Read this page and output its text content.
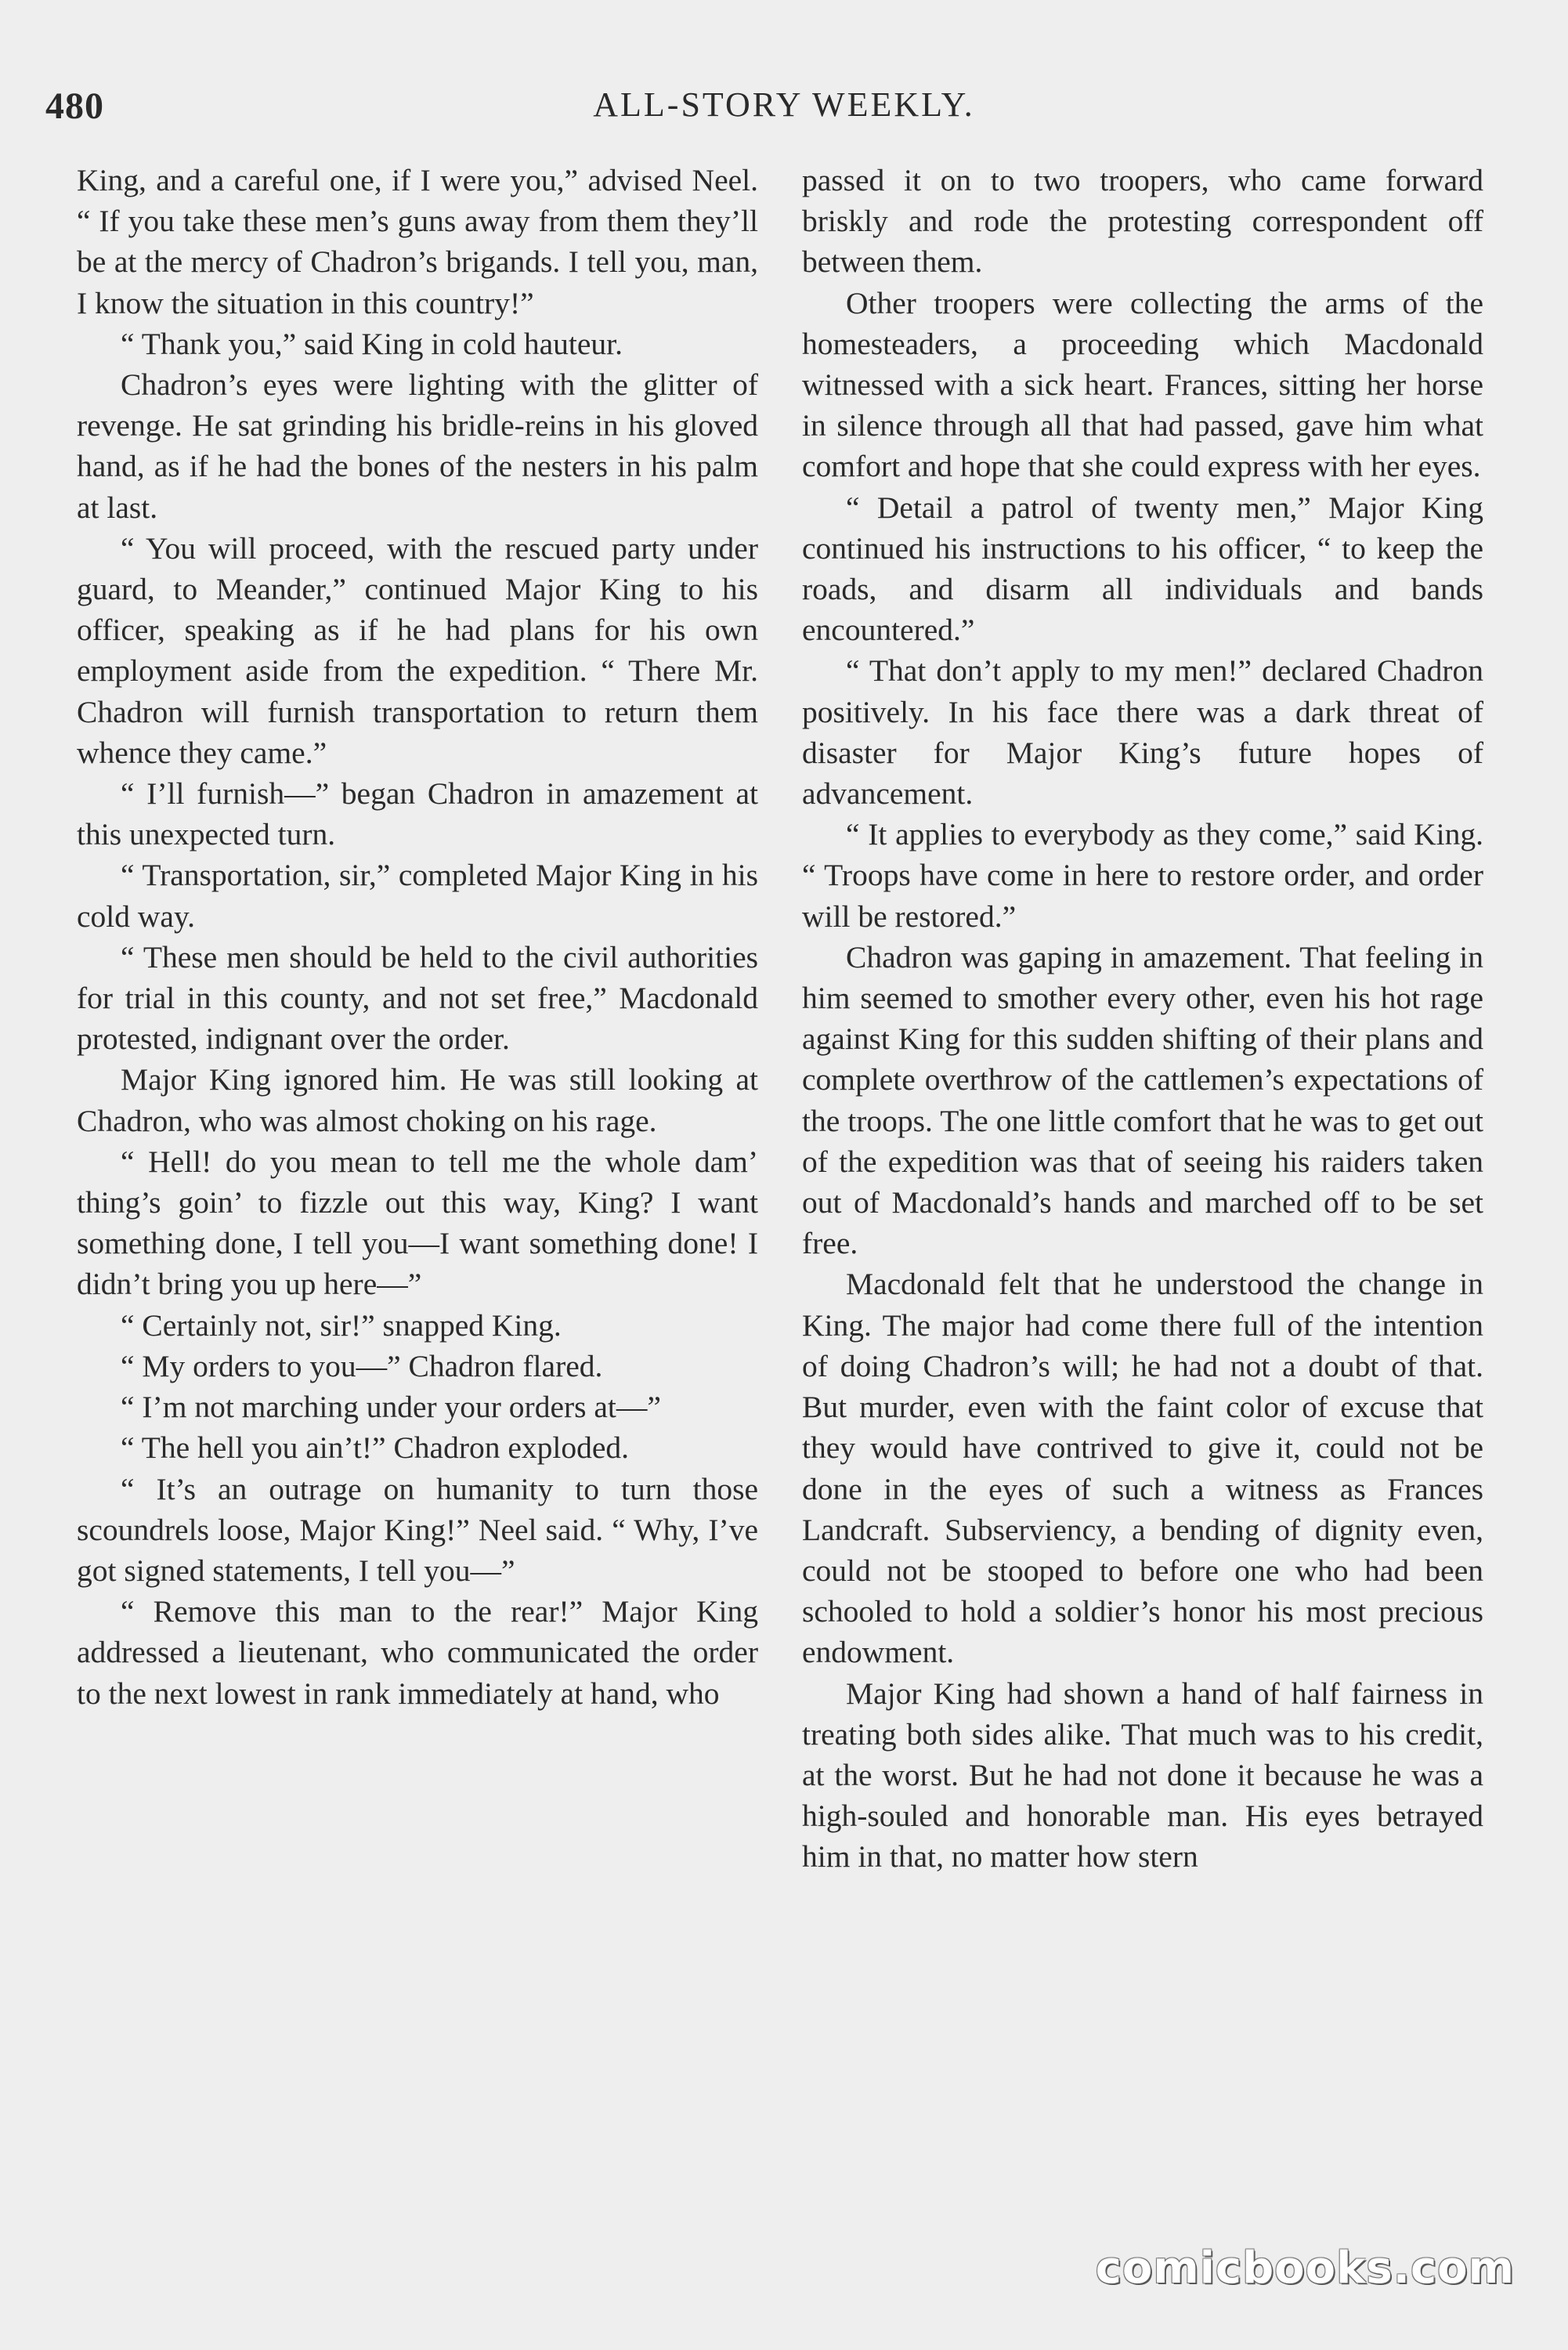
480	ALL-STORY WEEKLY.

King, and a careful one, if I were you,” advised Neel. “ If you take these men’s guns away from them they’ll be at the mercy of Chadron’s brigands. I tell you, man, I know the situation in this country!”

“ Thank you,” said King in cold hauteur.

Chadron’s eyes were lighting with the glitter of revenge. He sat grinding his bridle-reins in his gloved hand, as if he had the bones of the nesters in his palm at last.

“ You will proceed, with the rescued party under guard, to Meander,” continued Major King to his officer, speaking as if he had plans for his own employment aside from the expedition. “ There Mr. Chadron will furnish transportation to return them whence they came.”

“ I’ll furnish—” began Chadron in amazement at this unexpected turn.

“ Transportation, sir,” completed Major King in his cold way.

“ These men should be held to the civil authorities for trial in this county, and not set free,” Macdonald protested, indignant over the order.

Major King ignored him. He was still looking at Chadron, who was almost choking on his rage.

“ Hell! do you mean to tell me the whole dam’ thing’s goin’ to fizzle out this way, King? I want something done, I tell you—I want something done! I didn’t bring you up here—”

“ Certainly not, sir!” snapped King.

“ My orders to you—” Chadron flared.

“ I’m not marching under your orders at—”

“ The hell you ain’t!” Chadron exploded.

“ It’s an outrage on humanity to turn those scoundrels loose, Major King!” Neel said. “ Why, I’ve got signed statements, I tell you—”

“ Remove this man to the rear!” Major King addressed a lieutenant, who communicated the order to the next lowest in rank immediately at hand, who

passed it on to two troopers, who came forward briskly and rode the protesting correspondent off between them.

Other troopers were collecting the arms of the homesteaders, a proceeding which Macdonald witnessed with a sick heart. Frances, sitting her horse in silence through all that had passed, gave him what comfort and hope that she could express with her eyes.

“ Detail a patrol of twenty men,” Major King continued his instructions to his officer, “ to keep the roads, and disarm all individuals and bands encountered.”

“ That don’t apply to my men!” declared Chadron positively. In his face there was a dark threat of disaster for Major King’s future hopes of advancement.

“ It applies to everybody as they come,” said King. “ Troops have come in here to restore order, and order will be restored.”

Chadron was gaping in amazement. That feeling in him seemed to smother every other, even his hot rage against King for this sudden shifting of their plans and complete overthrow of the cattlemen’s expectations of the troops. The one little comfort that he was to get out of the expedition was that of seeing his raiders taken out of Macdonald’s hands and marched off to be set free.

Macdonald felt that he understood the change in King. The major had come there full of the intention of doing Chadron’s will; he had not a doubt of that. But murder, even with the faint color of excuse that they would have contrived to give it, could not be done in the eyes of such a witness as Frances Landcraft. Subserviency, a bending of dignity even, could not be stooped to before one who had been schooled to hold a soldier’s honor his most precious endowment.

Major King had shown a hand of half fairness in treating both sides alike. That much was to his credit, at the worst. But he had not done it because he was a high-souled and honorable man. His eyes betrayed him in that, no matter how stern

comicbooks.com
